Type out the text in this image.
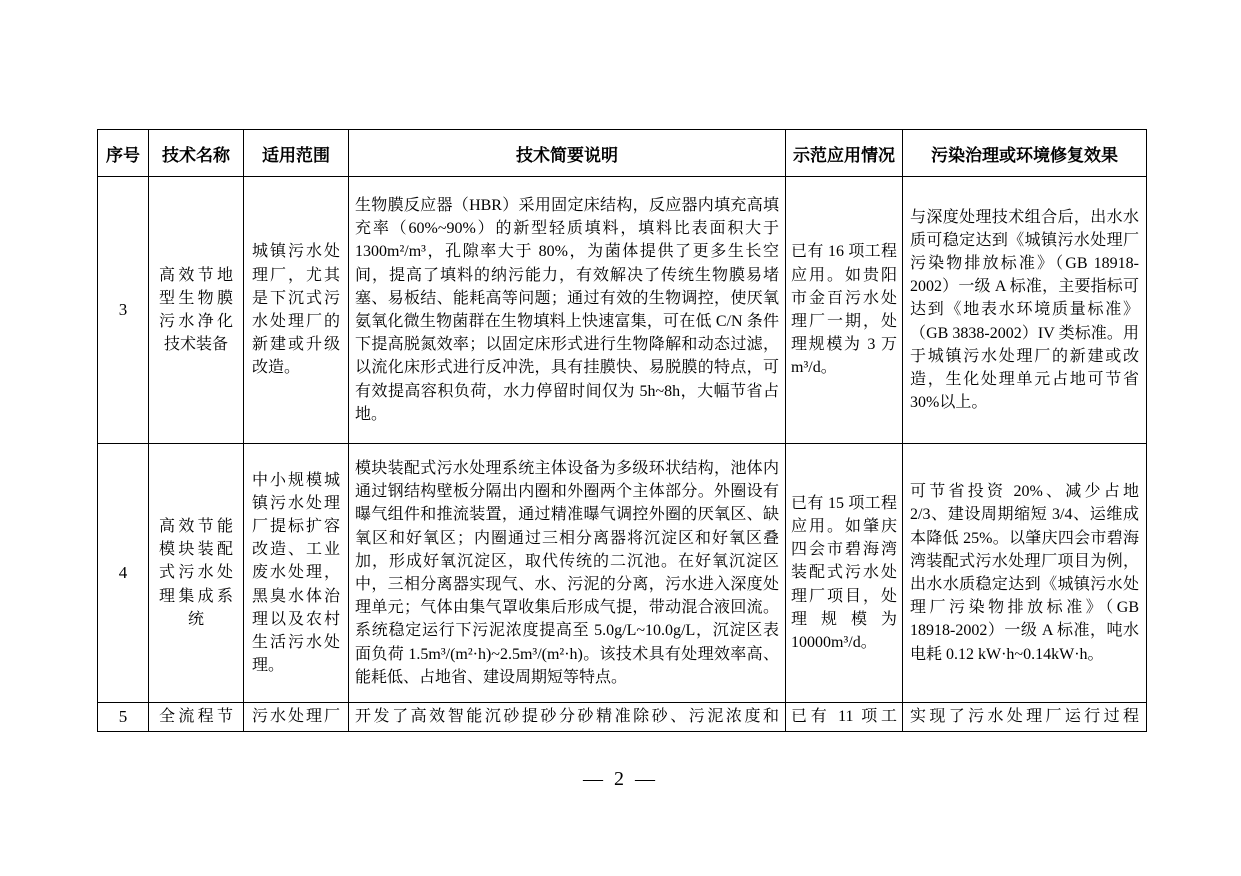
序号	技术名称	适用范围	技术简要说明	示范应用情况	污染治理或环境修复效果
3	高效节地型生物膜污水净化技术装备	城镇污水处理厂，尤其是下沉式污水处理厂的新建或升级改造。	生物膜反应器（HBR）采用固定床结构，反应器内填充高填充率（60%~90%）的新型轻质填料，填料比表面积大于 1300m²/m³，孔隙率大于 80%，为菌体提供了更多生长空间，提高了填料的纳污能力，有效解决了传统生物膜易堵塞、易板结、能耗高等问题；通过有效的生物调控，使厌氧氨氧化微生物菌群在生物填料上快速富集，可在低 C/N 条件下提高脱氮效率；以固定床形式进行生物降解和动态过滤，以流化床形式进行反冲洗，具有挂膜快、易脱膜的特点，可有效提高容积负荷，水力停留时间仅为 5h~8h，大幅节省占地。	已有 16 项工程应用。如贵阳市金百污水处理厂一期，处理规模为 3 万 m³/d。	与深度处理技术组合后，出水水质可稳定达到《城镇污水处理厂污染物排放标准》（GB 18918-2002）一级 A 标准，主要指标可达到《地表水环境质量标准》（GB 3838-2002）IV 类标准。用于城镇污水处理厂的新建或改造，生化处理单元占地可节省 30%以上。
4	高效节能模块装配式污水处理集成系统	中小规模城镇污水处理厂提标扩容改造、工业废水处理，黑臭水体治理以及农村生活污水处理。	模块装配式污水处理系统主体设备为多级环状结构，池体内通过钢结构壁板分隔出内圈和外圈两个主体部分。外圈设有曝气组件和推流装置，通过精准曝气调控外圈的厌氧区、缺氧区和好氧区；内圈通过三相分离器将沉淀区和好氧区叠加，形成好氧沉淀区，取代传统的二沉池。在好氧沉淀区中，三相分离器实现气、水、污泥的分离，污水进入深度处理单元；气体由集气罩收集后形成气提，带动混合液回流。系统稳定运行下污泥浓度提高至 5.0g/L~10.0g/L，沉淀区表面负荷 1.5m³/(m²·h)~2.5m³/(m²·h)。该技术具有处理效率高、能耗低、占地省、建设周期短等特点。	已有 15 项工程应用。如肇庆四会市碧海湾装配式污水处理厂项目，处理规模为 10000m³/d。	可节省投资 20%、减少占地 2/3、建设周期缩短 3/4、运维成本降低 25%。以肇庆四会市碧海湾装配式污水处理厂项目为例，出水水质稳定达到《城镇污水处理厂污染物排放标准》（GB 18918-2002）一级 A 标准，吨水电耗 0.12 kW·h~0.14kW·h。
5	全流程节	污水处理厂	开发了高效智能沉砂提砂分砂精准除砂、污泥浓度和	已有 11 项工	实现了污水处理厂运行过程
— 2 —
